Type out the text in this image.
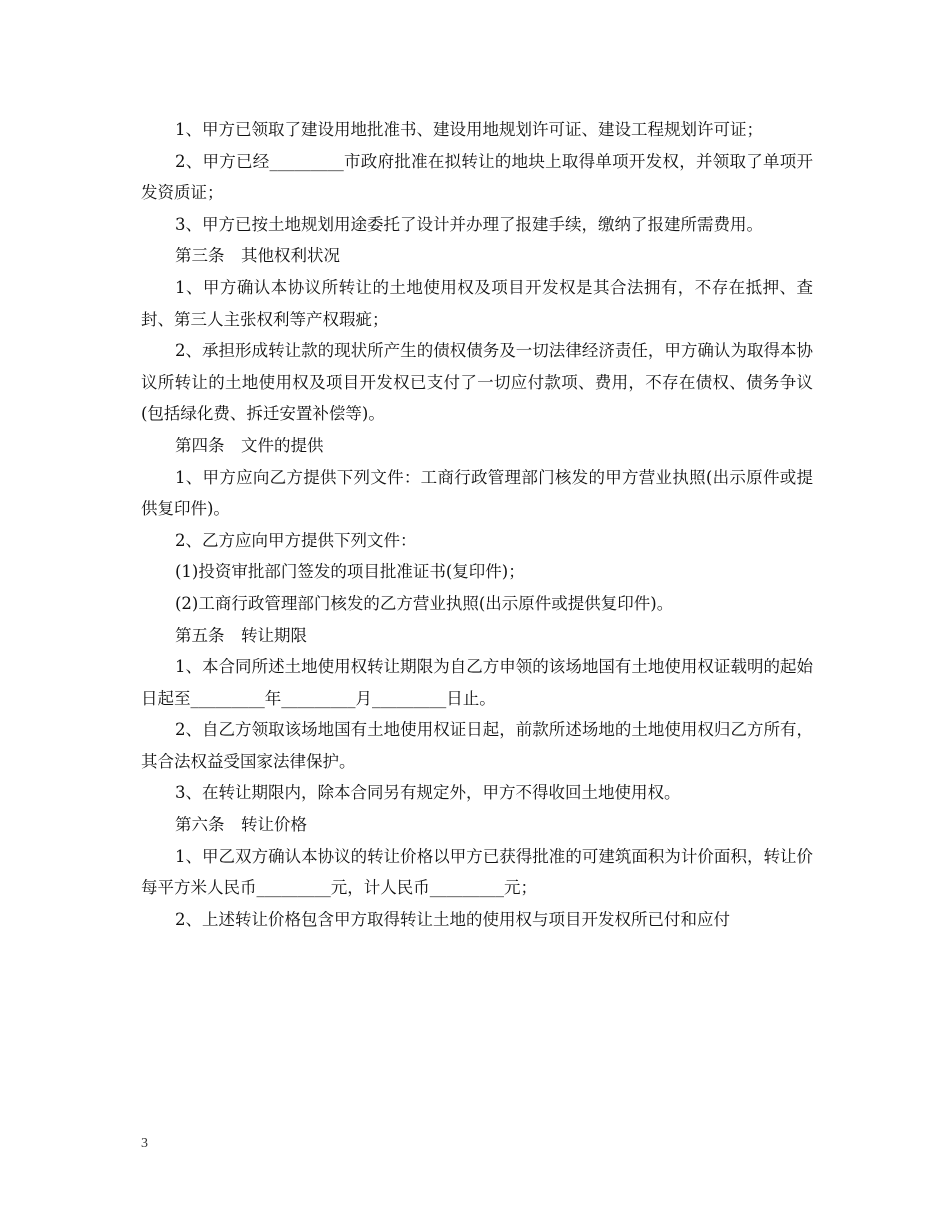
1、甲方已领取了建设用地批准书、建设用地规划许可证、建设工程规划许可证；

2、甲方已经_________市政府批准在拟转让的地块上取得单项开发权，并领取了单项开发资质证；

3、甲方已按土地规划用途委托了设计并办理了报建手续，缴纳了报建所需费用。

第三条　其他权利状况

1、甲方确认本协议所转让的土地使用权及项目开发权是其合法拥有，不存在抵押、查封、第三人主张权利等产权瑕疵；

2、承担形成转让款的现状所产生的债权债务及一切法律经济责任，甲方确认为取得本协议所转让的土地使用权及项目开发权已支付了一切应付款项、费用，不存在债权、债务争议(包括绿化费、拆迁安置补偿等)。

第四条　文件的提供

1、甲方应向乙方提供下列文件：工商行政管理部门核发的甲方营业执照(出示原件或提供复印件)。

2、乙方应向甲方提供下列文件：

(1)投资审批部门签发的项目批准证书(复印件)；

(2)工商行政管理部门核发的乙方营业执照(出示原件或提供复印件)。

第五条　转让期限

1、本合同所述土地使用权转让期限为自乙方申领的该场地国有土地使用权证载明的起始日起至_________年_________月_________日止。

2、自乙方领取该场地国有土地使用权证日起，前款所述场地的土地使用权归乙方所有，其合法权益受国家法律保护。

3、在转让期限内，除本合同另有规定外，甲方不得收回土地使用权。

第六条　转让价格

1、甲乙双方确认本协议的转让价格以甲方已获得批准的可建筑面积为计价面积，转让价每平方米人民币_________元，计人民币_________元；

2、上述转让价格包含甲方取得转让土地的使用权与项目开发权所已付和应付

3
